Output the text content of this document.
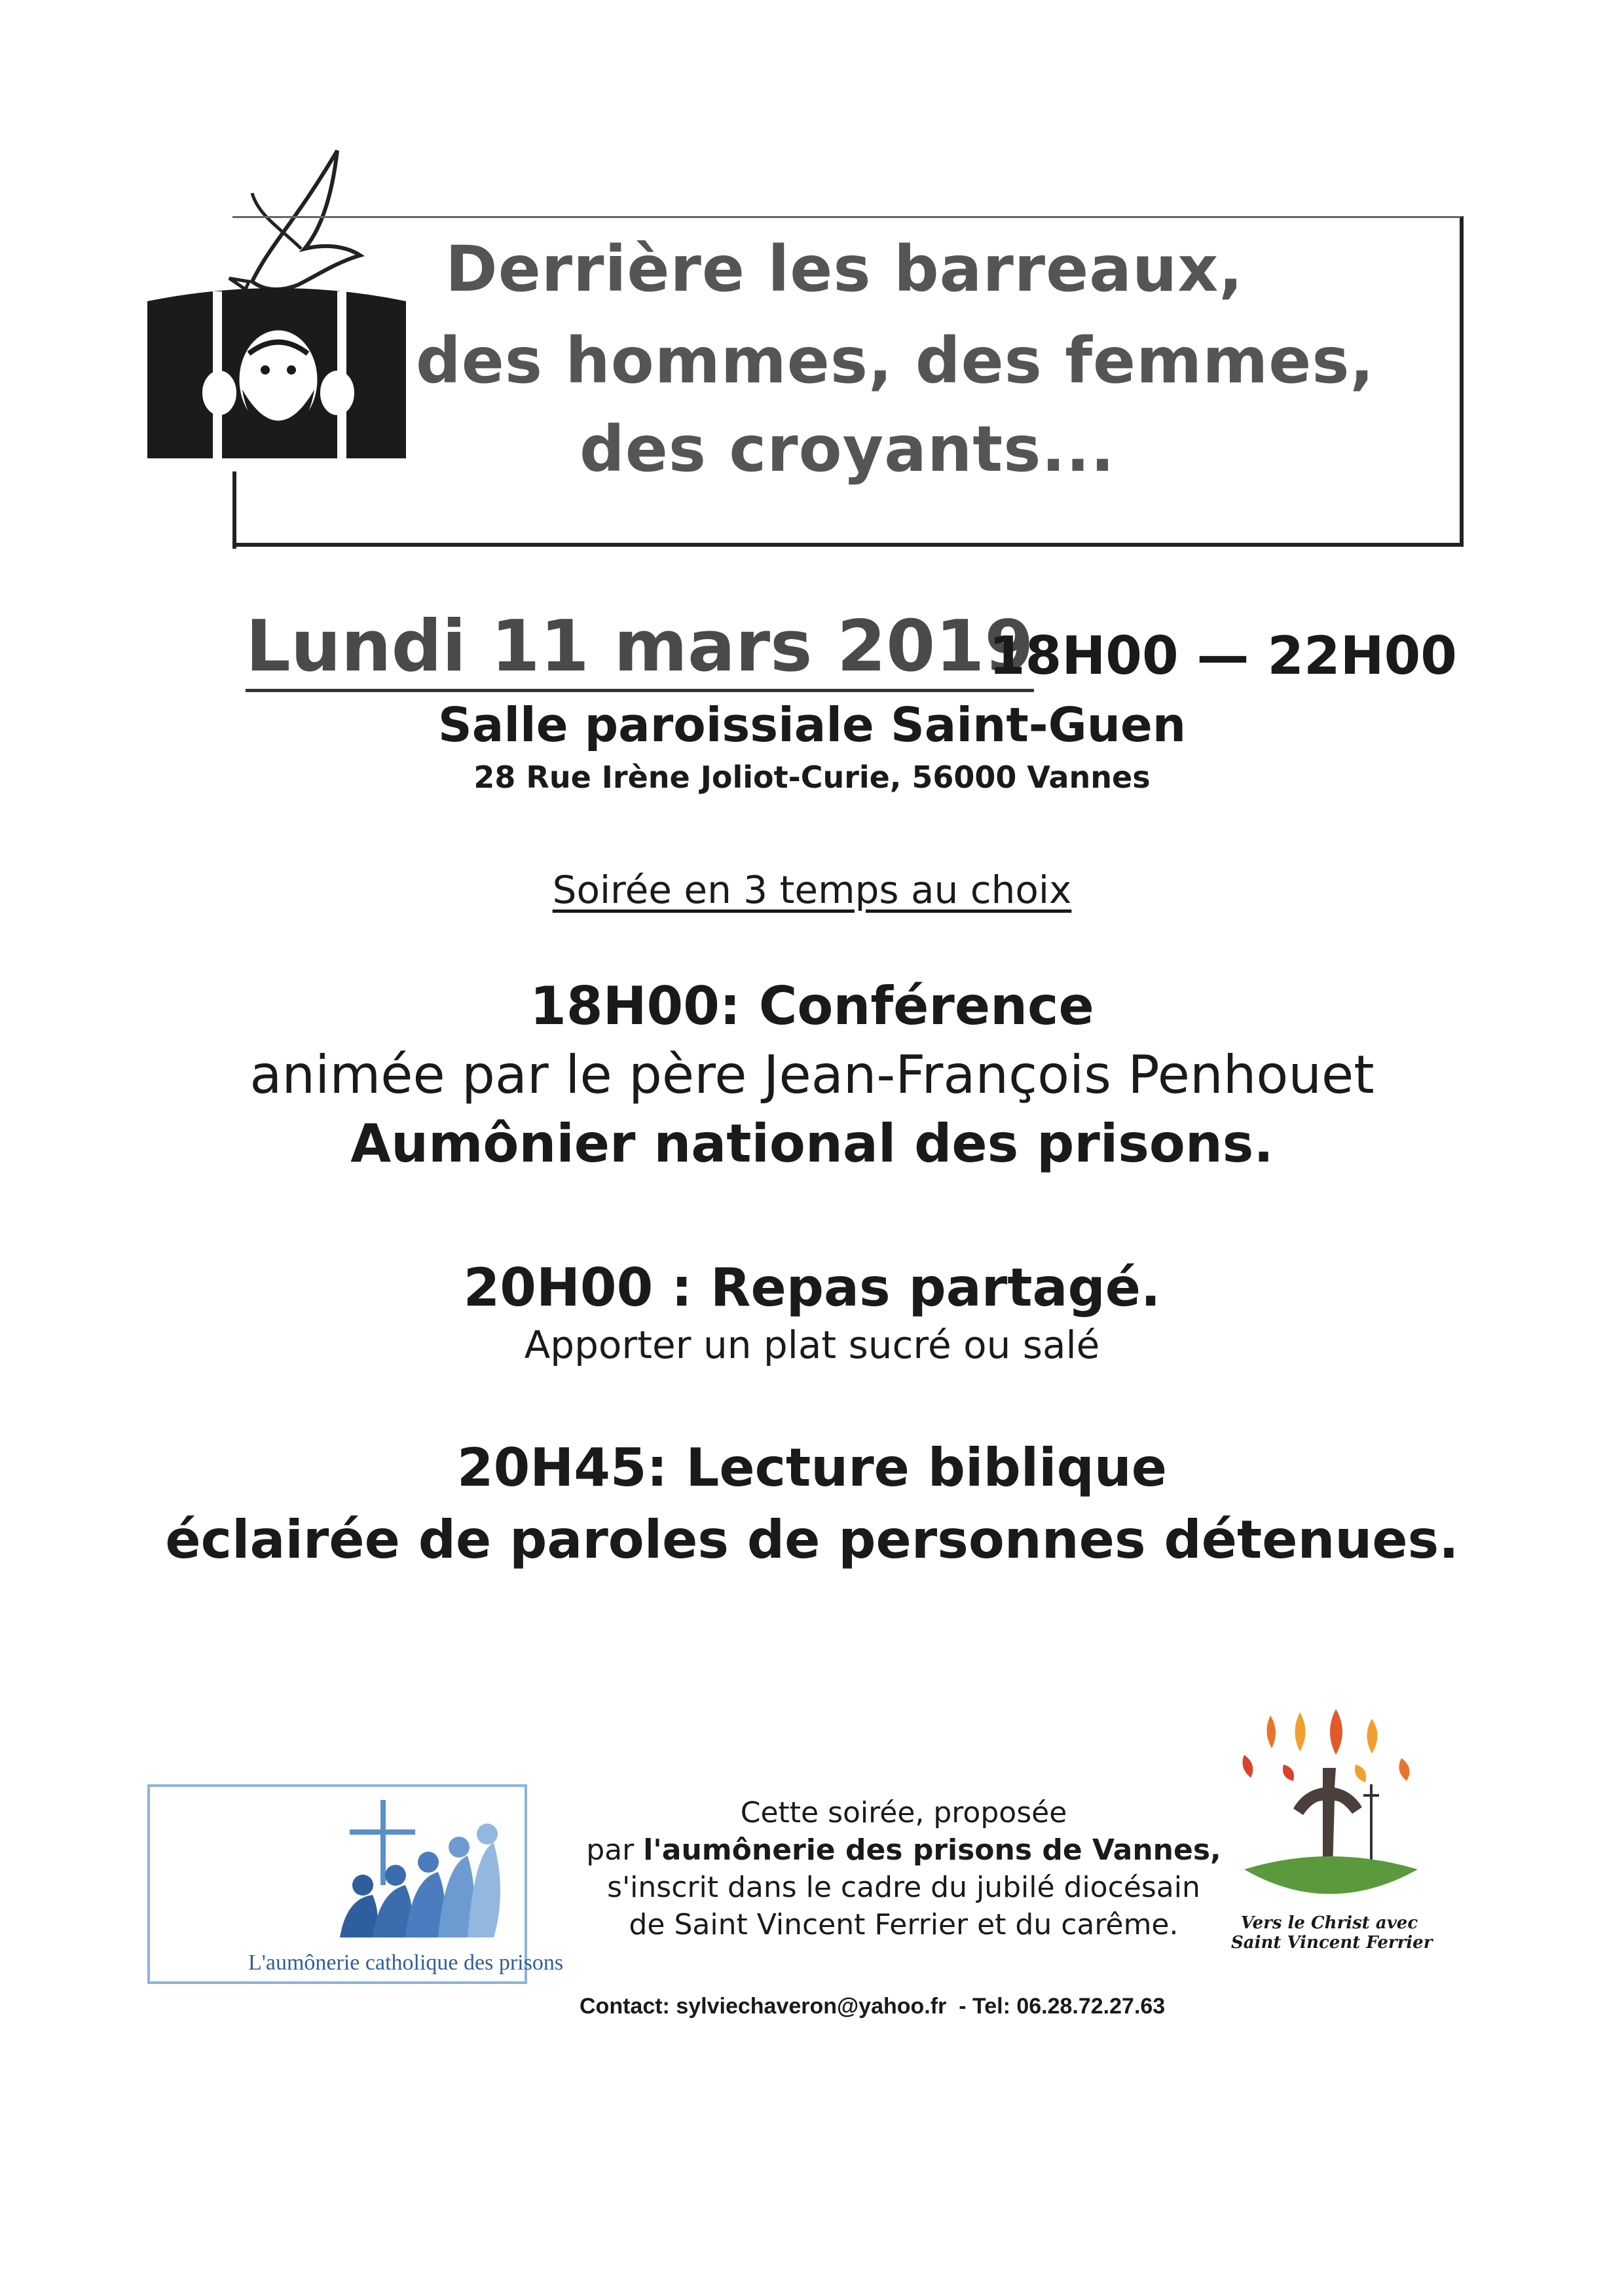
Derrière les barreaux,
des hommes, des femmes,
des croyants...
Lundi 11 mars 2019
18H00 — 22H00
Salle paroissiale Saint-Guen
28 Rue Irène Joliot-Curie, 56000 Vannes
Soirée en 3 temps au choix
18H00: Conférence
animée par le père Jean-François Penhouet
Aumônier national des prisons.
20H00 : Repas partagé.
Apporter un plat sucré ou salé
20H45: Lecture biblique
éclairée de paroles de personnes détenues.
L'aumônerie catholique des prisons
Cette soirée, proposée
par l'aumônerie des prisons de Vannes,
s'inscrit dans le cadre du jubilé diocésain
de Saint Vincent Ferrier et du carême.
Contact: sylviechaveron@yahoo.fr  - Tel: 06.28.72.27.63
Vers le Christ avec
Saint Vincent Ferrier
